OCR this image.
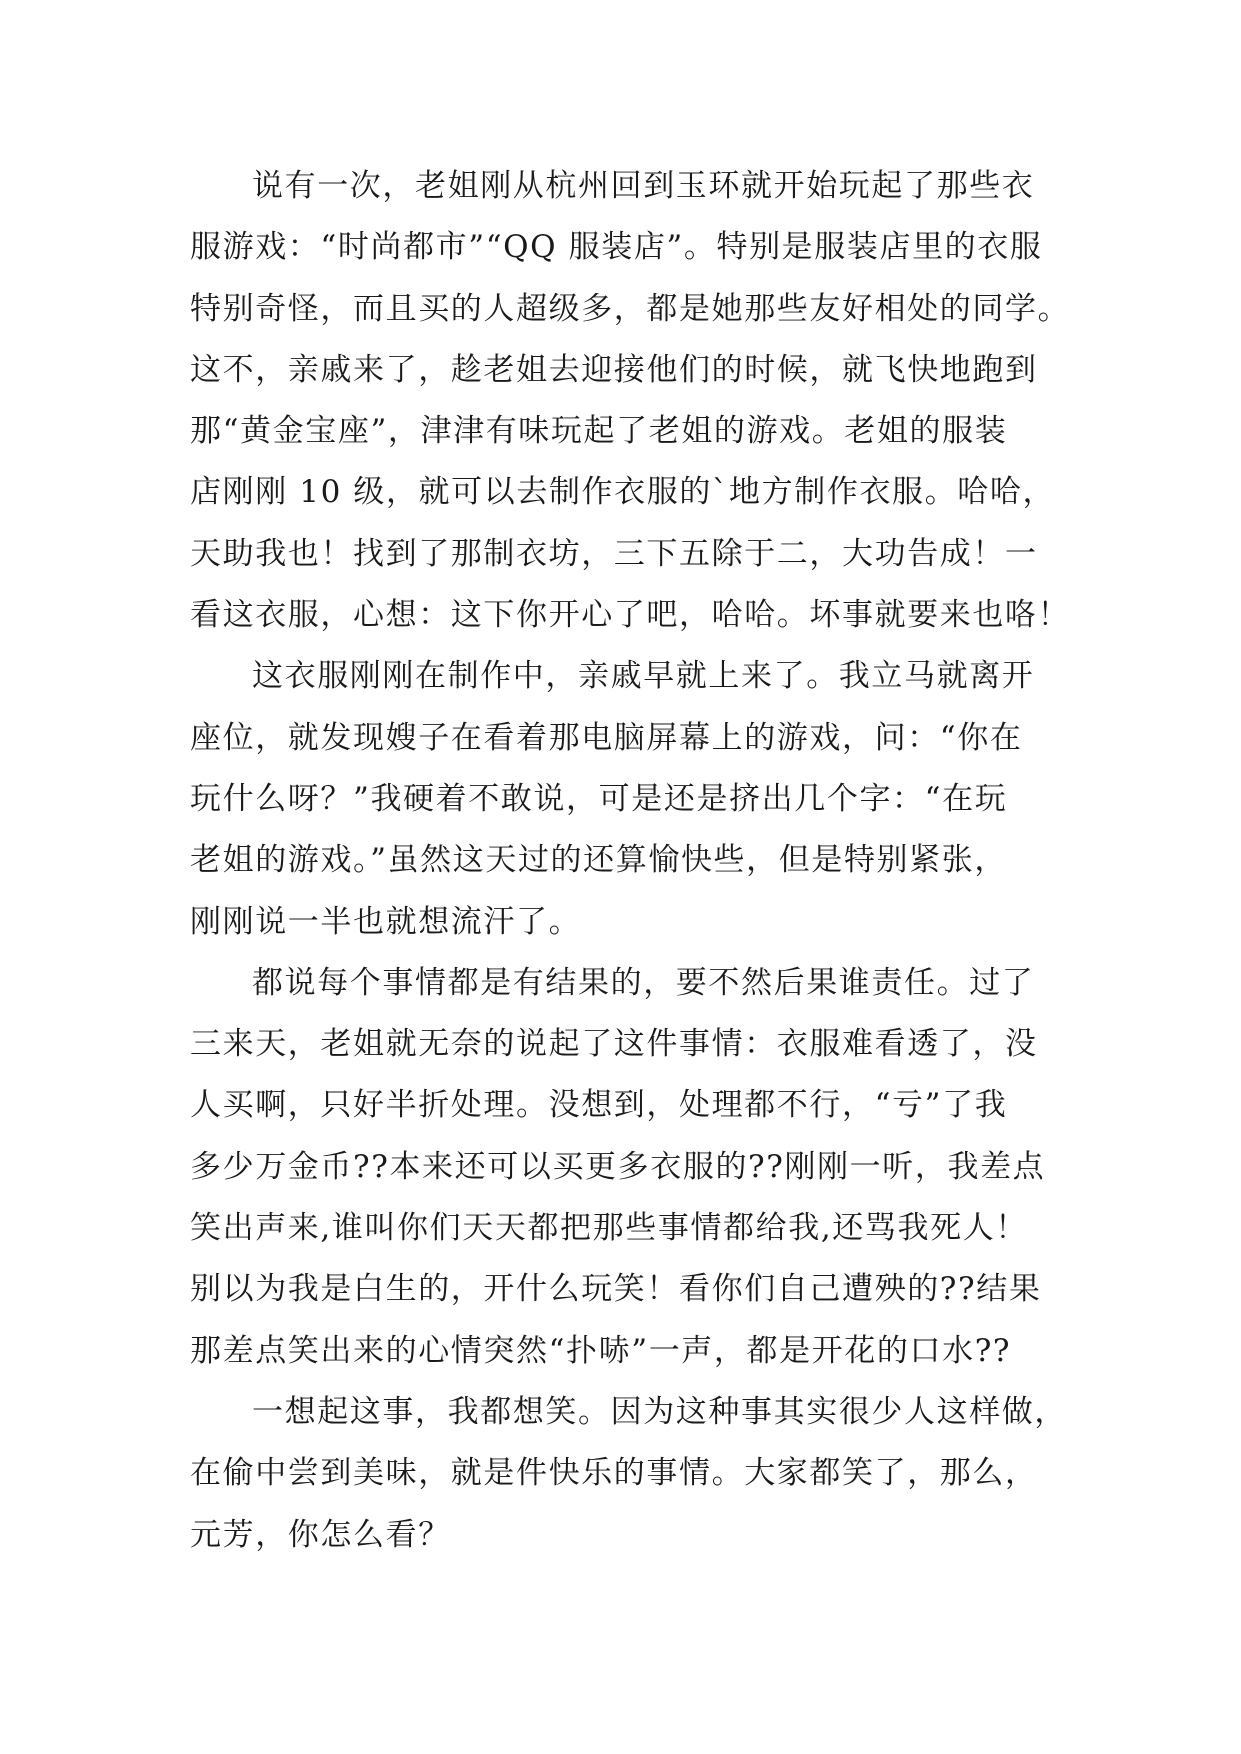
说有一次，老姐刚从杭州回到玉环就开始玩起了那些衣
服游戏：“时尚都市”“QQ 服装店”。特别是服装店里的衣服
特别奇怪，而且买的人超级多，都是她那些友好相处的同学。
这不，亲戚来了，趁老姐去迎接他们的时候，就飞快地跑到
那“黄金宝座”，津津有味玩起了老姐的游戏。老姐的服装
店刚刚 10 级，就可以去制作衣服的`地方制作衣服。哈哈，
天助我也！找到了那制衣坊，三下五除于二，大功告成！一
看这衣服，心想：这下你开心了吧，哈哈。坏事就要来也咯！

这衣服刚刚在制作中，亲戚早就上来了。我立马就离开
座位，就发现嫂子在看着那电脑屏幕上的游戏，问：“你在
玩什么呀？”我硬着不敢说，可是还是挤出几个字：“在玩
老姐的游戏。”虽然这天过的还算愉快些，但是特别紧张，
刚刚说一半也就想流汗了。

都说每个事情都是有结果的，要不然后果谁责任。过了
三来天，老姐就无奈的说起了这件事情：衣服难看透了，没
人买啊，只好半折处理。没想到，处理都不行，“亏”了我
多少万金币??本来还可以买更多衣服的??刚刚一听，我差点
笑出声来,谁叫你们天天都把那些事情都给我,还骂我死人！
别以为我是白生的，开什么玩笑！看你们自己遭殃的??结果
那差点笑出来的心情突然“扑哧”一声，都是开花的口水??

一想起这事，我都想笑。因为这种事其实很少人这样做，
在偷中尝到美味，就是件快乐的事情。大家都笑了，那么，
元芳，你怎么看？
